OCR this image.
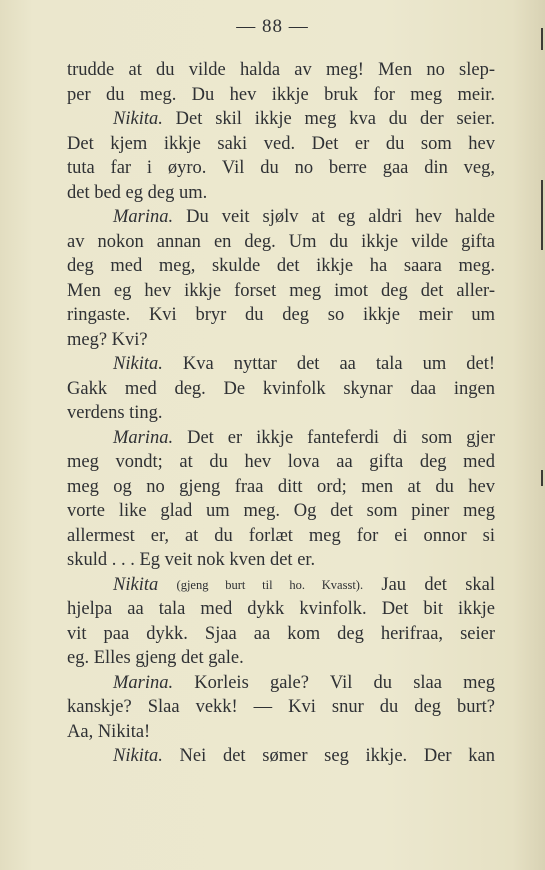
— 88 —
trudde at du vilde halda av meg! Men no slep-
per du meg. Du hev ikkje bruk for meg meir.
Nikita. Det skil ikkje meg kva du der seier.
Det kjem ikkje saki ved. Det er du som hev
tuta far i øyro. Vil du no berre gaa din veg,
det bed eg deg um.
Marina. Du veit sjølv at eg aldri hev halde
av nokon annan en deg. Um du ikkje vilde gifta
deg med meg, skulde det ikkje ha saara meg.
Men eg hev ikkje forset meg imot deg det aller-
ringaste. Kvi bryr du deg so ikkje meir um
meg? Kvi?
Nikita. Kva nyttar det aa tala um det!
Gakk med deg. De kvinfolk skynar daa ingen
verdens ting.
Marina. Det er ikkje fanteferdi di som gjer
meg vondt; at du hev lova aa gifta deg med
meg og no gjeng fraa ditt ord; men at du hev
vorte like glad um meg. Og det som piner meg
allermest er, at du forlæt meg for ei onnor si
skuld . . . Eg veit nok kven det er.
Nikita (gjeng burt til ho. Kvasst). Jau det skal
hjelpa aa tala med dykk kvinfolk. Det bit ikkje
vit paa dykk. Sjaa aa kom deg herifraa, seier
eg. Elles gjeng det gale.
Marina. Korleis gale? Vil du slaa meg
kanskje? Slaa vekk! — Kvi snur du deg burt?
Aa, Nikita!
Nikita. Nei det sømer seg ikkje. Der kan
